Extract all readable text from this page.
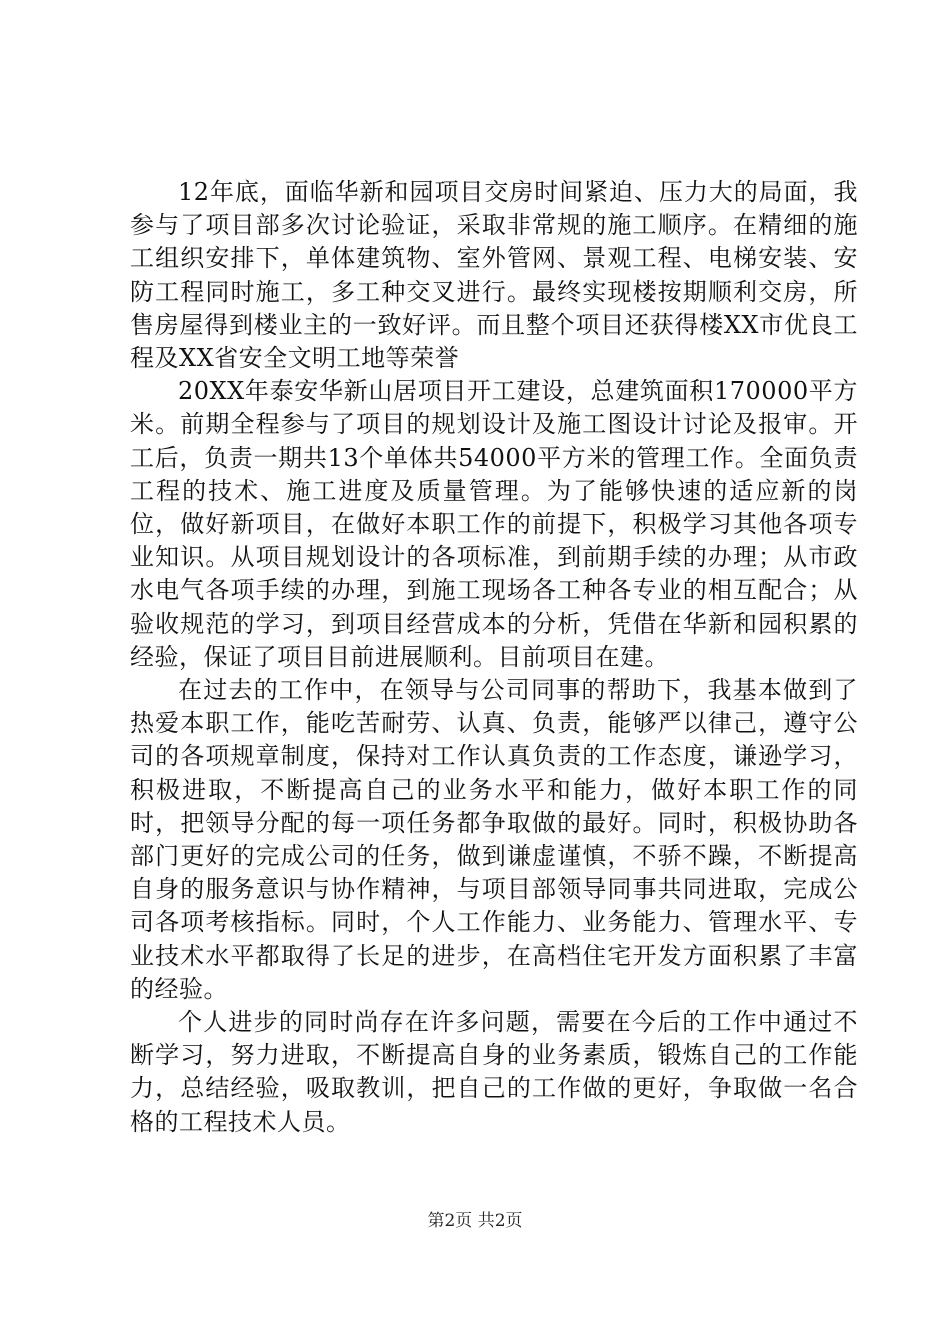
12年底，面临华新和园项目交房时间紧迫、压力大的局面，我参与了项目部多次讨论验证，采取非常规的施工顺序。在精细的施工组织安排下，单体建筑物、室外管网、景观工程、电梯安装、安防工程同时施工，多工种交叉进行。最终实现楼按期顺利交房，所售房屋得到楼业主的一致好评。而且整个项目还获得楼XX市优良工程及XX省安全文明工地等荣誉

20XX年泰安华新山居项目开工建设，总建筑面积170000平方米。前期全程参与了项目的规划设计及施工图设计讨论及报审。开工后，负责一期共13个单体共54000平方米的管理工作。全面负责工程的技术、施工进度及质量管理。为了能够快速的适应新的岗位，做好新项目，在做好本职工作的前提下，积极学习其他各项专业知识。从项目规划设计的各项标准，到前期手续的办理；从市政水电气各项手续的办理，到施工现场各工种各专业的相互配合；从验收规范的学习，到项目经营成本的分析，凭借在华新和园积累的经验，保证了项目目前进展顺利。目前项目在建。

在过去的工作中，在领导与公司同事的帮助下，我基本做到了热爱本职工作，能吃苦耐劳、认真、负责，能够严以律己，遵守公司的各项规章制度，保持对工作认真负责的工作态度，谦逊学习，积极进取，不断提高自己的业务水平和能力，做好本职工作的同时，把领导分配的每一项任务都争取做的最好。同时，积极协助各部门更好的完成公司的任务，做到谦虚谨慎，不骄不躁，不断提高自身的服务意识与协作精神，与项目部领导同事共同进取，完成公司各项考核指标。同时，个人工作能力、业务能力、管理水平、专业技术水平都取得了长足的进步，在高档住宅开发方面积累了丰富的经验。

个人进步的同时尚存在许多问题，需要在今后的工作中通过不断学习，努力进取，不断提高自身的业务素质，锻炼自己的工作能力，总结经验，吸取教训，把自己的工作做的更好，争取做一名合格的工程技术人员。

第2页 共2页
